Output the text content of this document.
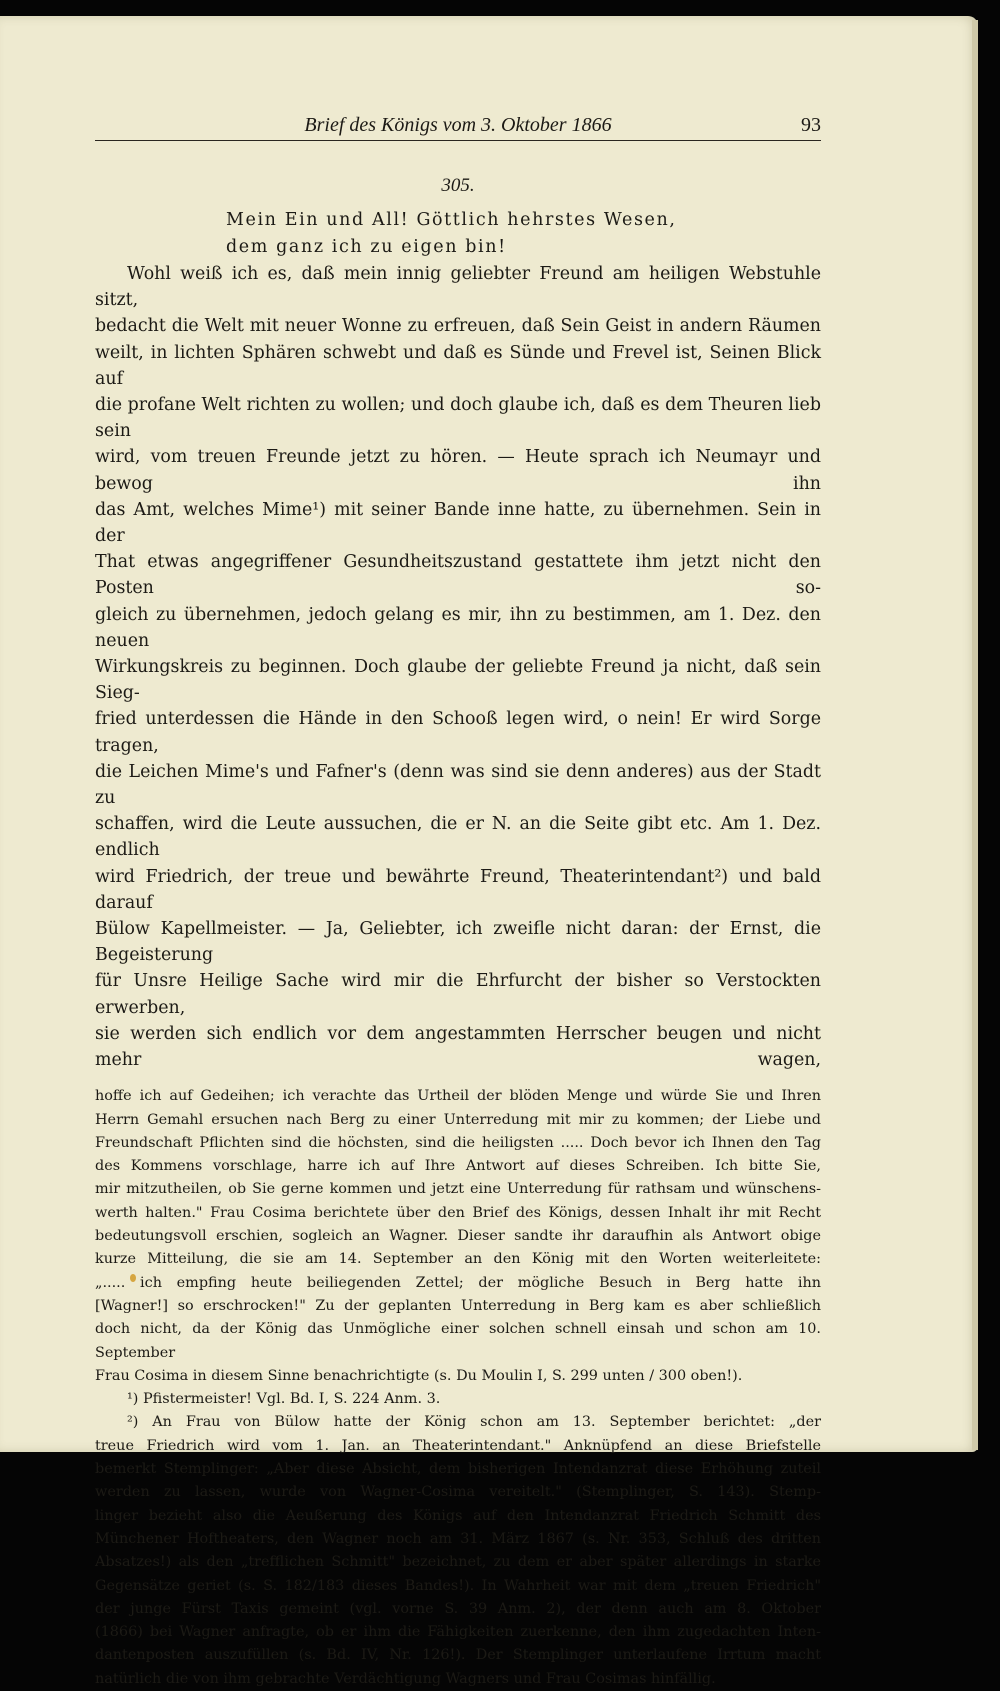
Brief des Königs vom 3. Oktober 1866	93
305.
Mein Ein und All! Göttlich hehrstes Wesen,
dem ganz ich zu eigen bin!
Wohl weiß ich es, daß mein innig geliebter Freund am heiligen Webstuhle sitzt,
bedacht die Welt mit neuer Wonne zu erfreuen, daß Sein Geist in andern Räumen
weilt, in lichten Sphären schwebt und daß es Sünde und Frevel ist, Seinen Blick auf
die profane Welt richten zu wollen; und doch glaube ich, daß es dem Theuren lieb sein
wird, vom treuen Freunde jetzt zu hören. — Heute sprach ich Neumayr und bewog ihn
das Amt, welches Mime¹) mit seiner Bande inne hatte, zu übernehmen. Sein in der
That etwas angegriffener Gesundheitszustand gestattete ihm jetzt nicht den Posten so-
gleich zu übernehmen, jedoch gelang es mir, ihn zu bestimmen, am 1. Dez. den neuen
Wirkungskreis zu beginnen. Doch glaube der geliebte Freund ja nicht, daß sein Sieg-
fried unterdessen die Hände in den Schooß legen wird, o nein! Er wird Sorge tragen,
die Leichen Mime's und Fafner's (denn was sind sie denn anderes) aus der Stadt zu
schaffen, wird die Leute aussuchen, die er N. an die Seite gibt etc. Am 1. Dez. endlich
wird Friedrich, der treue und bewährte Freund, Theaterintendant²) und bald darauf
Bülow Kapellmeister. — Ja, Geliebter, ich zweifle nicht daran: der Ernst, die Begeisterung
für Unsre Heilige Sache wird mir die Ehrfurcht der bisher so Verstockten erwerben,
sie werden sich endlich vor dem angestammten Herrscher beugen und nicht mehr wagen,
hoffe ich auf Gedeihen; ich verachte das Urtheil der blöden Menge und würde Sie und Ihren
Herrn Gemahl ersuchen nach Berg zu einer Unterredung mit mir zu kommen; der Liebe und
Freundschaft Pflichten sind die höchsten, sind die heiligsten ..... Doch bevor ich Ihnen den Tag
des Kommens vorschlage, harre ich auf Ihre Antwort auf dieses Schreiben. Ich bitte Sie,
mir mitzutheilen, ob Sie gerne kommen und jetzt eine Unterredung für rathsam und wünschens-
werth halten." Frau Cosima berichtete über den Brief des Königs, dessen Inhalt ihr mit Recht
bedeutungsvoll erschien, sogleich an Wagner. Dieser sandte ihr daraufhin als Antwort obige
kurze Mitteilung, die sie am 14. September an den König mit den Worten weiterleitete:
„..... ich empfing heute beiliegenden Zettel; der mögliche Besuch in Berg hatte ihn
[Wagner!] so erschrocken!" Zu der geplanten Unterredung in Berg kam es aber schließlich
doch nicht, da der König das Unmögliche einer solchen schnell einsah und schon am 10. September
Frau Cosima in diesem Sinne benachrichtigte (s. Du Moulin I, S. 299 unten / 300 oben!).
¹) Pfistermeister! Vgl. Bd. I, S. 224 Anm. 3.
²) An Frau von Bülow hatte der König schon am 13. September berichtet: „der
treue Friedrich wird vom 1. Jan. an Theaterintendant." Anknüpfend an diese Briefstelle
bemerkt Stemplinger: „Aber diese Absicht, dem bisherigen Intendanzrat diese Erhöhung zuteil
werden zu lassen, wurde von Wagner-Cosima vereitelt." (Stemplinger, S. 143). Stemp-
linger bezieht also die Aeußerung des Königs auf den Intendanzrat Friedrich Schmitt des
Münchener Hoftheaters, den Wagner noch am 31. März 1867 (s. Nr. 353, Schluß des dritten
Absatzes!) als den „trefflichen Schmitt" bezeichnet, zu dem er aber später allerdings in starke
Gegensätze geriet (s. S. 182/183 dieses Bandes!). In Wahrheit war mit dem „treuen Friedrich"
der junge Fürst Taxis gemeint (vgl. vorne S. 39 Anm. 2), der denn auch am 8. Oktober
(1866) bei Wagner anfragte, ob er ihm die Fähigkeiten zuerkenne, den ihm zugedachten Inten-
dantenposten auszufüllen (s. Bd. IV, Nr. 126!). Der Stemplinger unterlaufene Irrtum macht
natürlich die von ihm gebrachte Verdächtigung Wagners und Frau Cosimas hinfällig.
